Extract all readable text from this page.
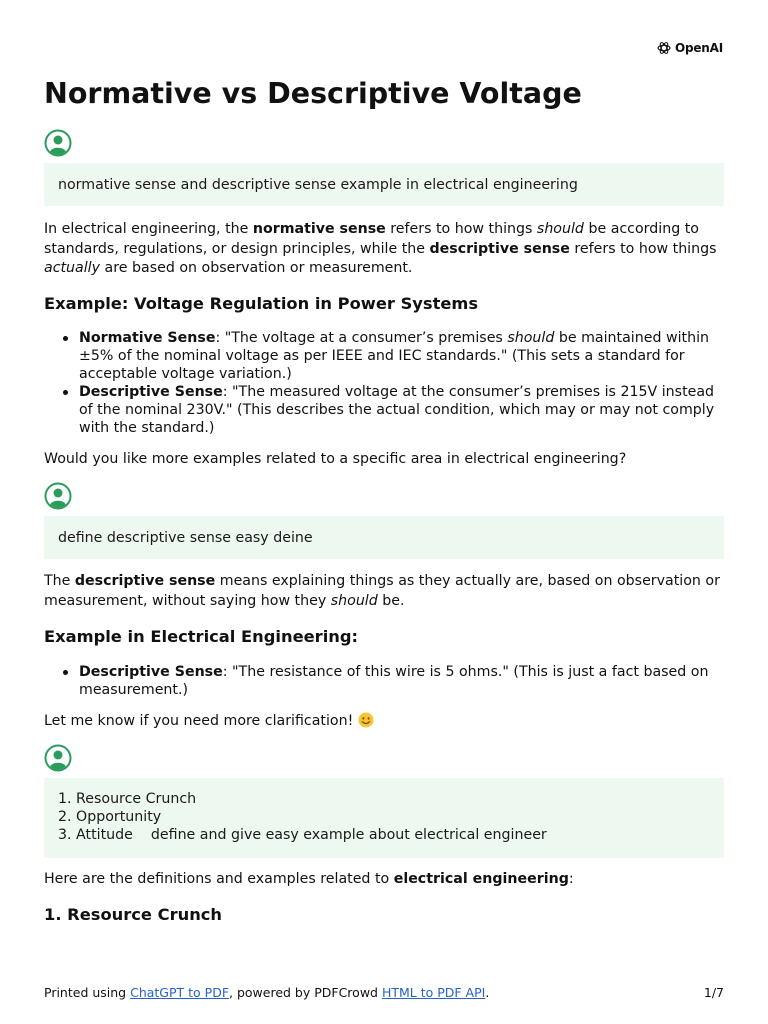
OpenAI
Normative vs Descriptive Voltage
normative sense and descriptive sense example in electrical engineering

In electrical engineering, the normative sense refers to how things should be according to standards, regulations, or design principles, while the descriptive sense refers to how things actually are based on observation or measurement.

Example: Voltage Regulation in Power Systems
Normative Sense: "The voltage at a consumer’s premises should be maintained within ±5% of the nominal voltage as per IEEE and IEC standards." (This sets a standard for acceptable voltage variation.)
Descriptive Sense: "The measured voltage at the consumer’s premises is 215V instead of the nominal 230V." (This describes the actual condition, which may or may not comply with the standard.)

Would you like more examples related to a specific area in electrical engineering?

define descriptive sense easy deine

The descriptive sense means explaining things as they actually are, based on observation or measurement, without saying how they should be.

Example in Electrical Engineering:
Descriptive Sense: "The resistance of this wire is 5 ohms." (This is just a fact based on measurement.)

Let me know if you need more clarification!

1. Resource Crunch
2. Opportunity
3. Attitude    define and give easy example about electrical engineer

Here are the definitions and examples related to electrical engineering:

1. Resource Crunch
Printed using ChatGPT to PDF, powered by PDFCrowd HTML to PDF API.	1/7
